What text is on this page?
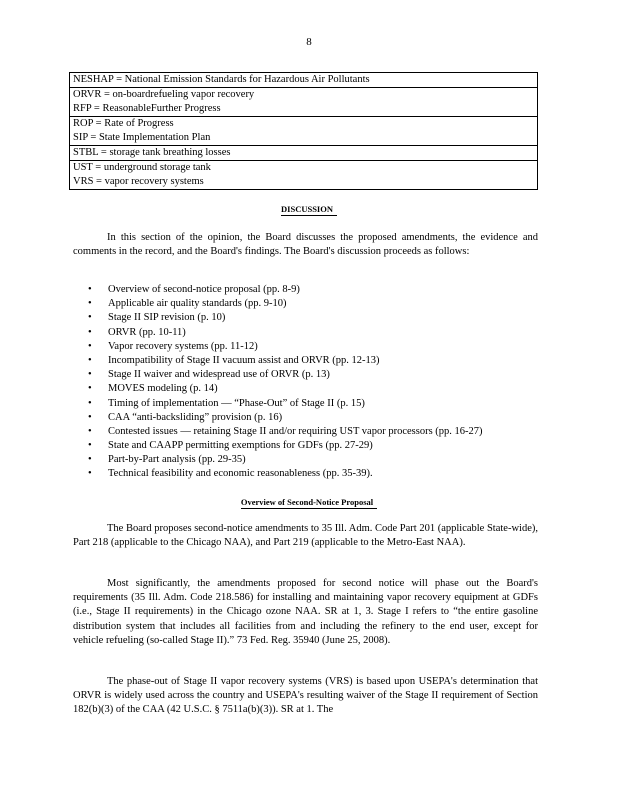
8
NESHAP = National Emission Standards for Hazardous Air Pollutants
ORVR = on-boardrefueling vapor recovery
RFP = ReasonableFurther Progress
ROP = Rate of Progress
SIP = State Implementation Plan
STBL = storage tank breathing losses
UST = underground storage tank
VRS = vapor recovery systems
DISCUSSION
In this section of the opinion, the Board discusses the proposed amendments, the evidence and comments in the record, and the Board's findings. The Board's discussion proceeds as follows:
• Overview of second-notice proposal (pp. 8-9)
• Applicable air quality standards (pp. 9-10)
• Stage II SIP revision (p. 10)
• ORVR (pp. 10-11)
• Vapor recovery systems (pp. 11-12)
• Incompatibility of Stage II vacuum assist and ORVR (pp. 12-13)
• Stage II waiver and widespread use of ORVR (p. 13)
• MOVES modeling (p. 14)
• Timing of implementation — “Phase-Out” of Stage II (p. 15)
• CAA “anti-backsliding” provision (p. 16)
• Contested issues — retaining Stage II and/or requiring UST vapor processors (pp. 16-27)
• State and CAAPP permitting exemptions for GDFs (pp. 27-29)
• Part-by-Part analysis (pp. 29-35)
• Technical feasibility and economic reasonableness (pp. 35-39).
Overview of Second-Notice Proposal
The Board proposes second-notice amendments to 35 Ill. Adm. Code Part 201 (applicable State-wide), Part 218 (applicable to the Chicago NAA), and Part 219 (applicable to the Metro-East NAA).
Most significantly, the amendments proposed for second notice will phase out the Board's requirements (35 Ill. Adm. Code 218.586) for installing and maintaining vapor recovery equipment at GDFs (i.e., Stage II requirements) in the Chicago ozone NAA. SR at 1, 3. Stage I refers to “the entire gasoline distribution system that includes all facilities from and including the refinery to the end user, except for vehicle refueling (so-called Stage II).” 73 Fed. Reg. 35940 (June 25, 2008).
The phase-out of Stage II vapor recovery systems (VRS) is based upon USEPA's determination that ORVR is widely used across the country and USEPA's resulting waiver of the Stage II requirement of Section 182(b)(3) of the CAA (42 U.S.C. § 7511a(b)(3)). SR at 1. The
